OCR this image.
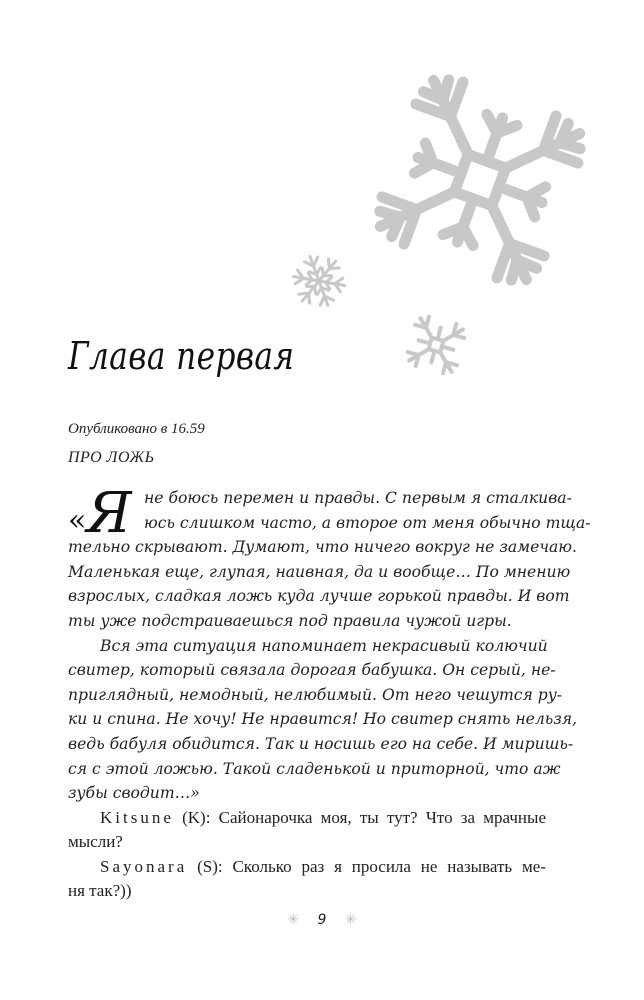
Глава первая
Опубликовано в 16.59
ПРО ЛОЖЬ
«Я не боюсь перемен и правды. С первым я сталкива-
юсь слишком часто, а второе от меня обычно тща-
тельно скрывают. Думают, что ничего вокруг не замечаю.
Маленькая еще, глупая, наивная, да и вообще… По мнению
взрослых, сладкая ложь куда лучше горькой правды. И вот
ты уже подстраиваешься под правила чужой игры.
Вся эта ситуация напоминает некрасивый колючий
свитер, который связала дорогая бабушка. Он серый, не-
приглядный, немодный, нелюбимый. От него чешутся ру-
ки и спина. Не хочу! Не нравится! Но свитер снять нельзя,
ведь бабуля обидится. Так и носишь его на себе. И миришь-
ся с этой ложью. Такой сладенькой и приторной, что аж
зубы сводит…»
Kitsune (K): Сайонарочка моя, ты тут? Что за мрачные
мысли?
Sayonara (S): Сколько раз я просила не называть ме-
ня так?))
✳ 9 ✳
